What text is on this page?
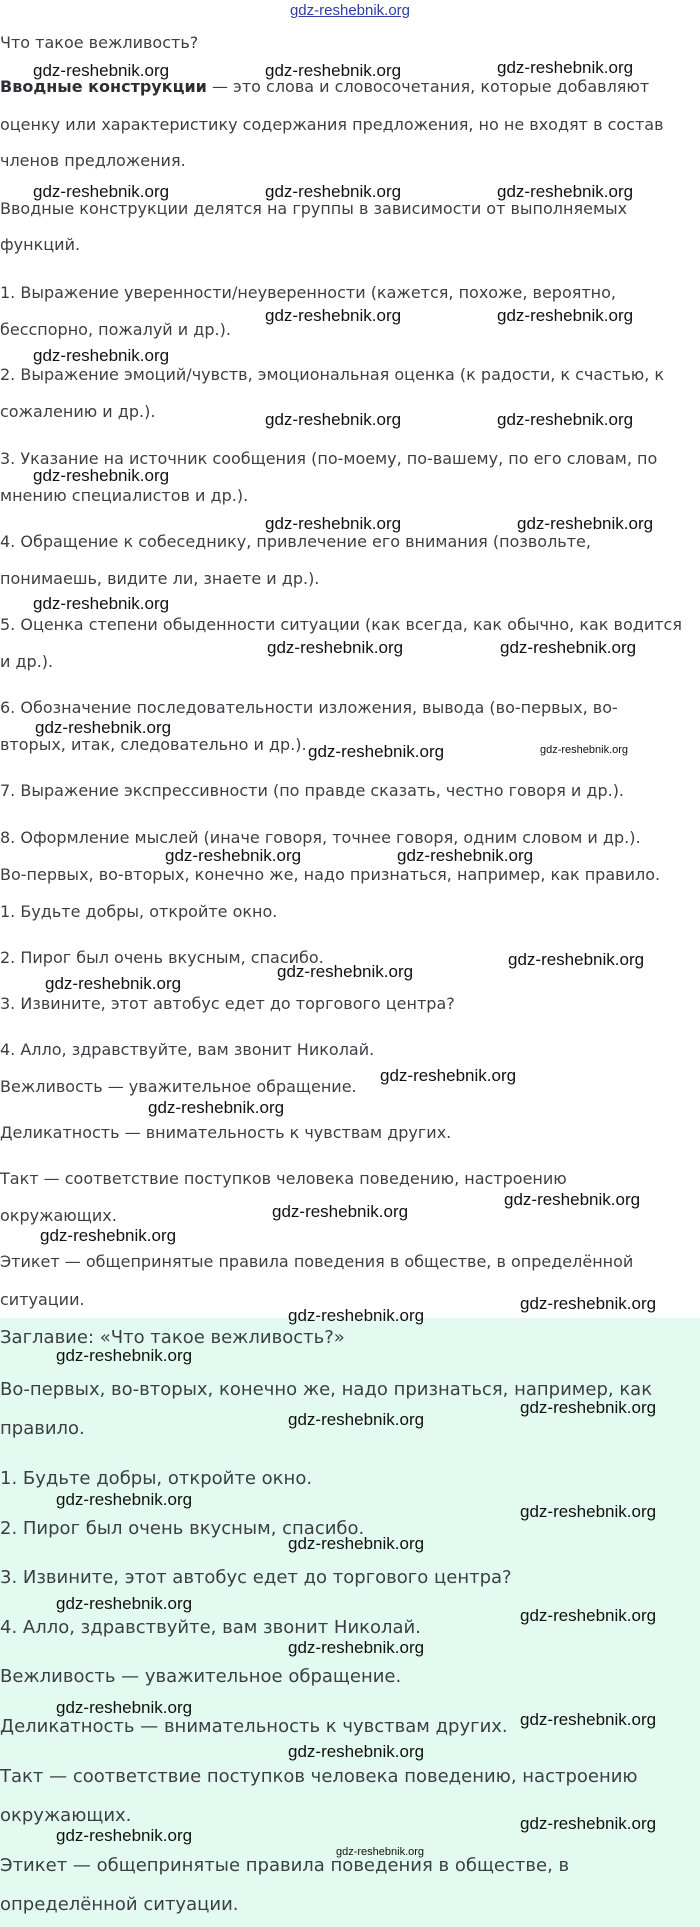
gdz-reshebnik.org
Что такое вежливость?
Вводные конструкции — это слова и словосочетания, которые добавляют
оценку или характеристику содержания предложения, но не входят в состав
членов предложения.
Вводные конструкции делятся на группы в зависимости от выполняемых
функций.
1. Выражение уверенности/неуверенности (кажется, похоже, вероятно,
бесспорно, пожалуй и др.).
2. Выражение эмоций/чувств, эмоциональная оценка (к радости, к счастью, к
сожалению и др.).
3. Указание на источник сообщения (по-моему, по-вашему, по его словам, по
мнению специалистов и др.).
4. Обращение к собеседнику, привлечение его внимания (позвольте,
понимаешь, видите ли, знаете и др.).
5. Оценка степени обыденности ситуации (как всегда, как обычно, как водится
и др.).
6. Обозначение последовательности изложения, вывода (во-первых, во-
вторых, итак, следовательно и др.).
7. Выражение экспрессивности (по правде сказать, честно говоря и др.).
8. Оформление мыслей (иначе говоря, точнее говоря, одним словом и др.).
Во-первых, во-вторых, конечно же, надо признаться, например, как правило.
1. Будьте добры, откройте окно.
2. Пирог был очень вкусным, спасибо.
3. Извините, этот автобус едет до торгового центра?
4. Алло, здравствуйте, вам звонит Николай.
Вежливость — уважительное обращение.
Деликатность — внимательность к чувствам других.
Такт — соответствие поступков человека поведению, настроению
окружающих.
Этикет — общепринятые правила поведения в обществе, в определённой
ситуации.
Заглавие: «Что такое вежливость?»
Во-первых, во-вторых, конечно же, надо признаться, например, как
правило.
1. Будьте добры, откройте окно.
2. Пирог был очень вкусным, спасибо.
3. Извините, этот автобус едет до торгового центра?
4. Алло, здравствуйте, вам звонит Николай.
Вежливость — уважительное обращение.
Деликатность — внимательность к чувствам других.
Такт — соответствие поступков человека поведению, настроению
окружающих.
Этикет — общепринятые правила поведения в обществе, в
определённой ситуации.
gdz-reshebnik.org	gdz-reshebnik.org	gdz-reshebnik.org
gdz-reshebnik.org	gdz-reshebnik.org	gdz-reshebnik.org
gdz-reshebnik.org	gdz-reshebnik.org
gdz-reshebnik.org
gdz-reshebnik.org	gdz-reshebnik.org
gdz-reshebnik.org
gdz-reshebnik.org	gdz-reshebnik.org
gdz-reshebnik.org
gdz-reshebnik.org	gdz-reshebnik.org
gdz-reshebnik.org
gdz-reshebnik.org	gdz-reshebnik.org
gdz-reshebnik.org	gdz-reshebnik.org
gdz-reshebnik.org
gdz-reshebnik.org
gdz-reshebnik.org
gdz-reshebnik.org
gdz-reshebnik.org
gdz-reshebnik.org
gdz-reshebnik.org
gdz-reshebnik.org
gdz-reshebnik.org
gdz-reshebnik.org
gdz-reshebnik.org
gdz-reshebnik.org
gdz-reshebnik.org
gdz-reshebnik.org
gdz-reshebnik.org
gdz-reshebnik.org
gdz-reshebnik.org
gdz-reshebnik.org
gdz-reshebnik.org
gdz-reshebnik.org
gdz-reshebnik.org
gdz-reshebnik.org
gdz-reshebnik.org
gdz-reshebnik.org
gdz-reshebnik.org
